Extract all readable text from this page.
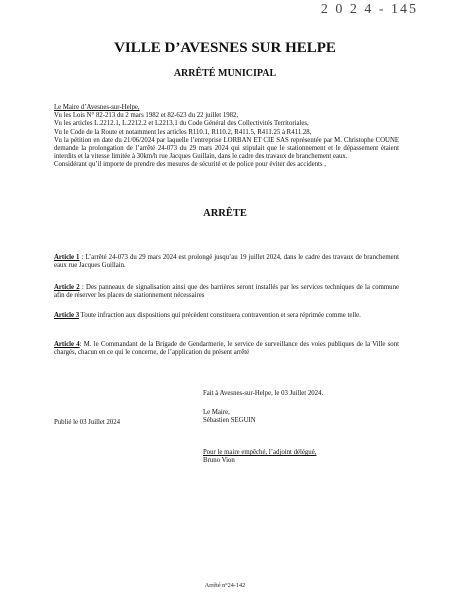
2 0 2 4 - 145
VILLE D’AVESNES SUR HELPE
ARRÊTÉ MUNICIPAL

Le Maire d’Avesnes-sur-Helpe,

Vu les Lois N° 82-213 du 2 mars 1982 et 82-623 du 22 juillet 1982,

Vu les articles L.2212.1, L.2212.2 et L2213.1 du Code Général des Collectivités Territoriales,

Vu le Code de la Route et notamment les articles R110.1, R110.2, R411.5, R411.25 à R411.28,

Vu la pétition en date du 21/06/2024 par laquelle l’entreprise LORBAN ET CIE SAS représentée par M. Christophe COUNE demande la prolongation de l’arrêté 24-073 du 29 mars 2024 qui stipulait que le stationnement et le dépassement étaient interdits et la vitesse limitée à 30km/h rue Jacques Guillain, dans le cadre des travaux de branchement eaux.

Considérant qu’il importe de prendre des mesures de sécurité et de police pour éviter des accidents ,

ARRÊTE
Article 1 : L’arrêté 24-073 du 29 mars 2024 est prolongé jusqu’au 19 juillet 2024, dans le cadre des travaux de branchement eaux rue Jacques Guillain.
Article 2 : Des panneaux de signalisation ainsi que des barrières seront installés par les services techniques de la commune afin de réserver les places de stationnement nécessaires
Article 3 Toute infraction aux dispositions qui précèdent constituera contravention et sera réprimée comme telle.
Article 4: M. le Commandant de la Brigade de Gendarmerie, le service de surveillance des voies publiques de la Ville sont chargés, chacun en ce qui le concerne, de l’application du présent arrêté
Fait à Avesnes-sur-Helpe, le 03 Juillet 2024.
Le Maire,
Sébastien SEGUIN
Publié le 03 Juillet 2024
Pour le maire empêché, l’adjoint délégué,
Bruno Vion
Arrêté n°24-142
